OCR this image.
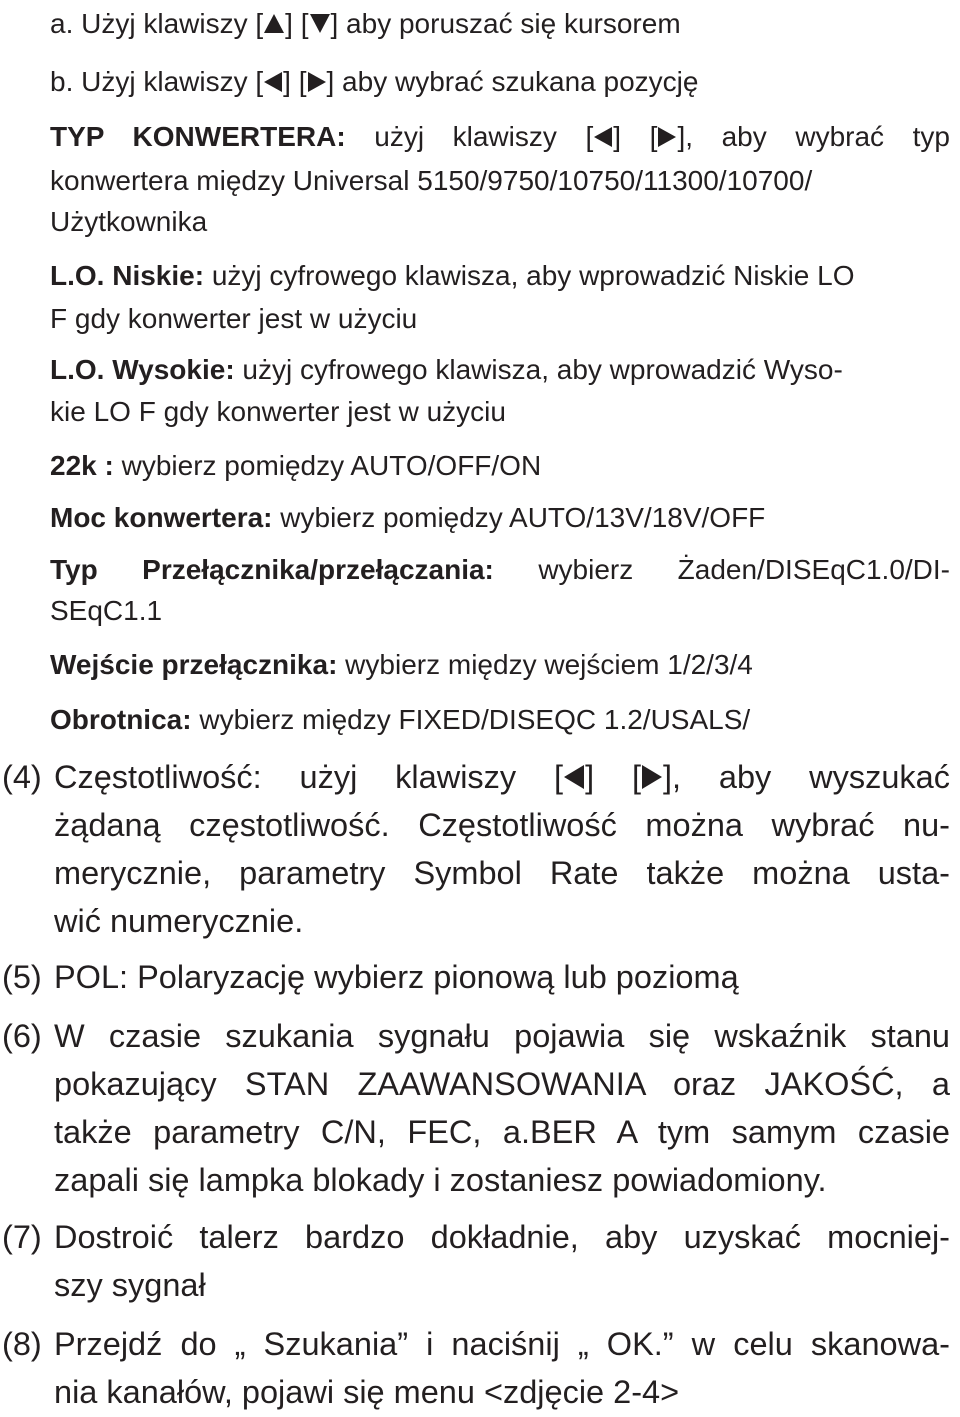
a. Użyj klawiszy [ ] [ ] aby poruszać się kursorem
b. Użyj klawiszy [ ] [ ] aby wybrać szukana pozycję
TYP KONWERTERA: użyj klawiszy [ ] [ ], aby wybrać typ
konwertera między Universal 5150/9750/10750/11300/10700/
Użytkownika
L.O. Niskie: użyj cyfrowego klawisza, aby wprowadzić Niskie LO
F gdy konwerter jest w użyciu
L.O. Wysokie: użyj cyfrowego klawisza, aby wprowadzić Wyso-
kie LO F gdy konwerter jest w użyciu
22k : wybierz pomiędzy AUTO/OFF/ON
Moc konwertera: wybierz pomiędzy AUTO/13V/18V/OFF
Typ Przełącznika/przełączania: wybierz Żaden/DISEqC1.0/DI-
SEqC1.1
Wejście przełącznika: wybierz między wejściem 1/2/3/4
Obrotnica: wybierz między FIXED/DISEQC 1.2/USALS/
(4) Częstotliwość: użyj klawiszy [ ] [ ], aby wyszukać
żądaną częstotliwość. Częstotliwość można wybrać nu-
merycznie, parametry Symbol Rate także można usta-
wić numerycznie.
(5) POL: Polaryzację wybierz pionową lub poziomą
(6) W czasie szukania sygnału pojawia się wskaźnik stanu
pokazujący STAN ZAAWANSOWANIA oraz JAKOŚĆ, a
także parametry C/N, FEC, a.BER A tym samym czasie
zapali się lampka blokady i zostaniesz powiadomiony.
(7) Dostroić talerz bardzo dokładnie, aby uzyskać mocniej-
szy sygnał
(8) Przejdź do „ Szukania” i naciśnij „ OK.” w celu skanowa-
nia kanałów, pojawi się menu <zdjęcie 2-4>
